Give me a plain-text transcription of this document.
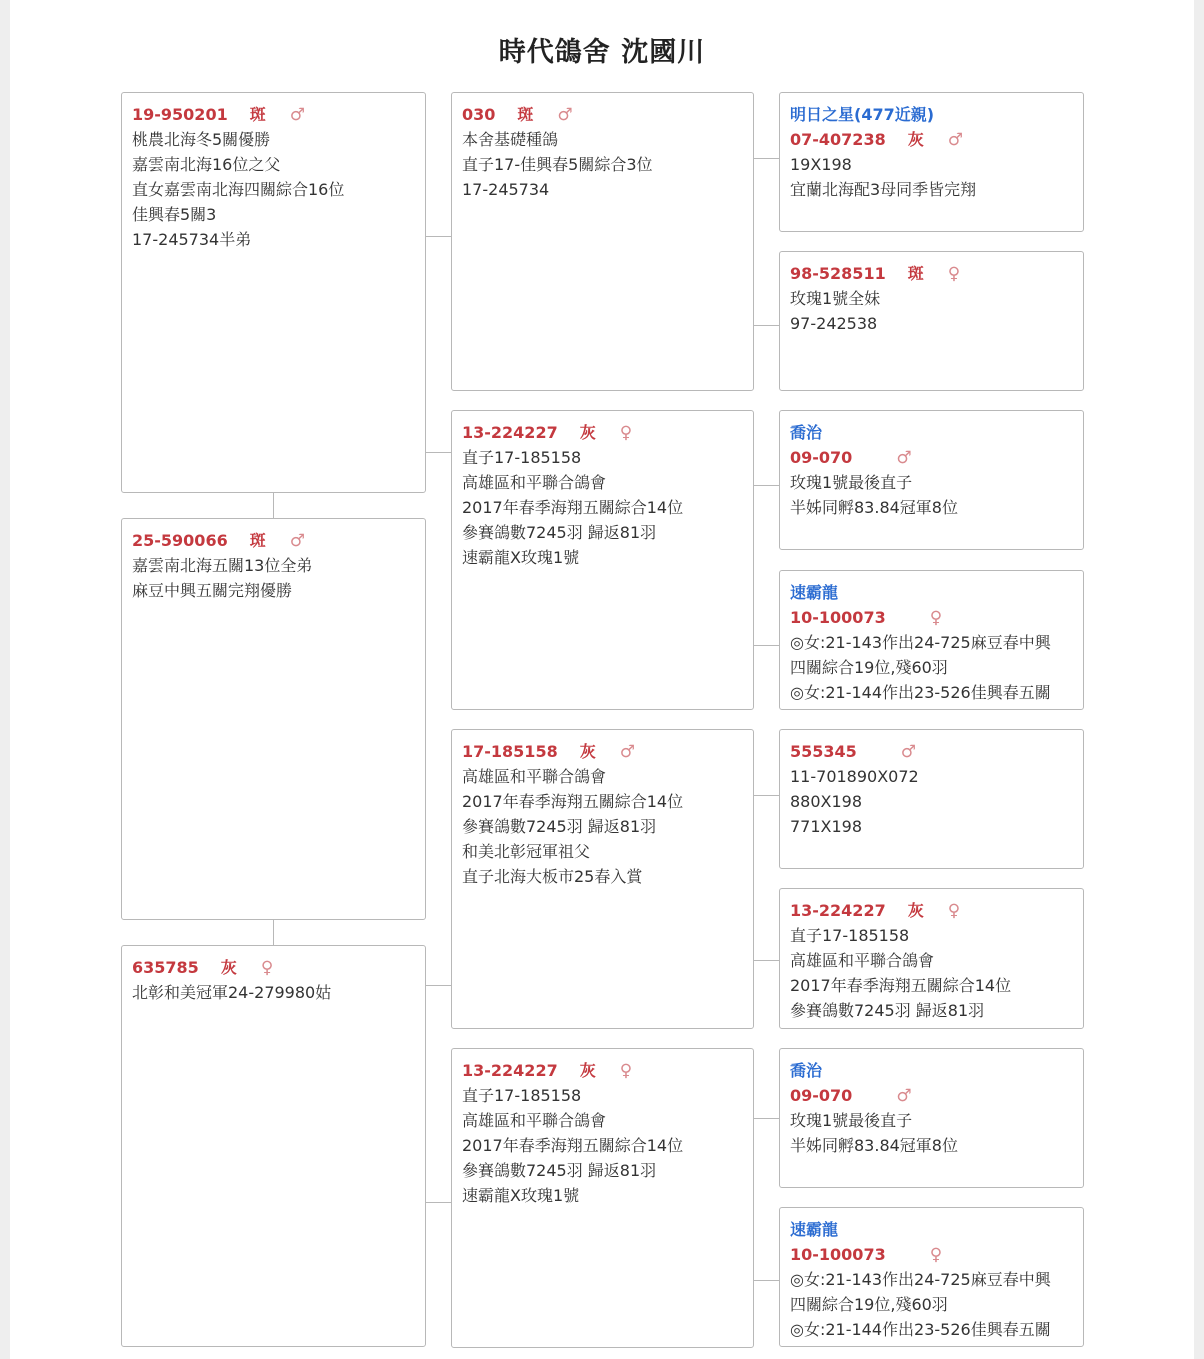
時代鴿舍 沈國川
19-950201 斑 ♂
桃農北海冬5關優勝
嘉雲南北海16位之父
直女嘉雲南北海四關綜合16位
佳興春5關3
17-245734半弟
25-590066 斑 ♂
嘉雲南北海五關13位全弟
麻豆中興五關完翔優勝
635785 灰 ♀
北彰和美冠軍24-279980姑
030 斑 ♂
本舍基礎種鴿
直子17-佳興春5關綜合3位
17-245734
13-224227 灰 ♀
直子17-185158
高雄區和平聯合鴿會
2017年春季海翔五關綜合14位
參賽鴿數7245羽 歸返81羽
速霸龍X玫瑰1號
17-185158 灰 ♂
高雄區和平聯合鴿會
2017年春季海翔五關綜合14位
參賽鴿數7245羽 歸返81羽
和美北彰冠軍祖父
直子北海大板市25春入賞
13-224227 灰 ♀
直子17-185158
高雄區和平聯合鴿會
2017年春季海翔五關綜合14位
參賽鴿數7245羽 歸返81羽
速霸龍X玫瑰1號
明日之星(477近親)
07-407238 灰 ♂
19X198
宜蘭北海配3母同季皆完翔
98-528511 斑 ♀
玫瑰1號全妹
97-242538
喬治
09-070	♂
玫瑰1號最後直子
半姊同孵83.84冠軍8位
速霸龍
10-100073	♀
◎女:21-143作出24-725麻豆春中興
四關綜合19位,殘60羽
◎女:21-144作出23-526佳興春五關
555345	♂
11-701890X072
880X198
771X198
13-224227 灰 ♀
直子17-185158
高雄區和平聯合鴿會
2017年春季海翔五關綜合14位
參賽鴿數7245羽 歸返81羽
喬治
09-070	♂
玫瑰1號最後直子
半姊同孵83.84冠軍8位
速霸龍
10-100073	♀
◎女:21-143作出24-725麻豆春中興
四關綜合19位,殘60羽
◎女:21-144作出23-526佳興春五關
